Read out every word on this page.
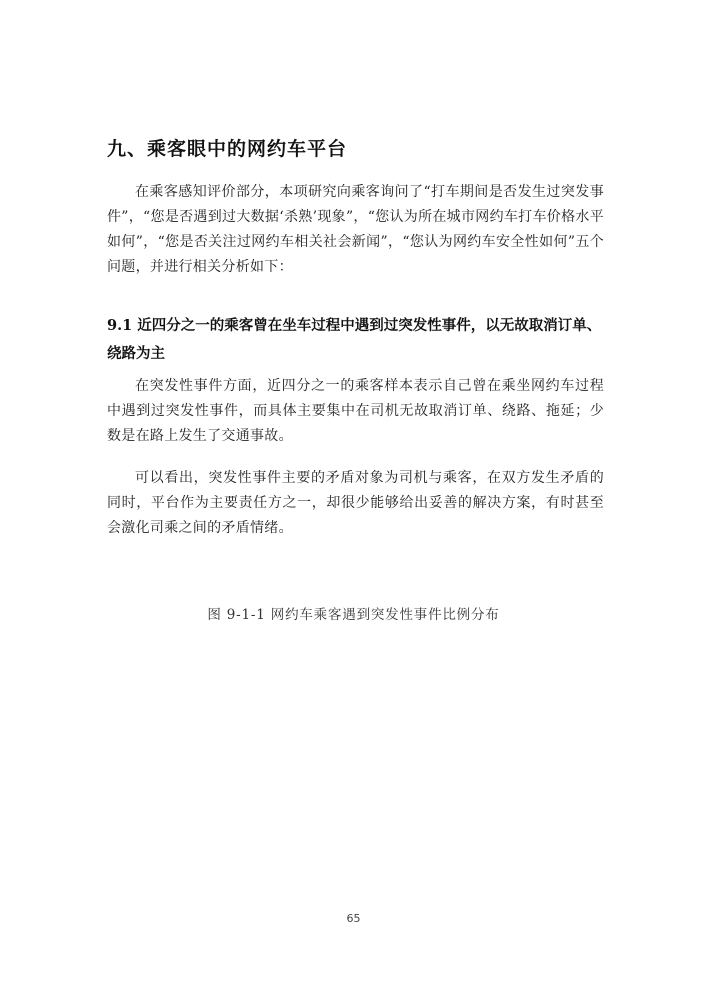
九、乘客眼中的网约车平台

在乘客感知评价部分，本项研究向乘客询问了“打车期间是否发生过突发事件”，“您是否遇到过大数据‘杀熟’现象”，“您认为所在城市网约车打车价格水平如何”，“您是否关注过网约车相关社会新闻”，“您认为网约车安全性如何”五个问题，并进行相关分析如下：

9.1 近四分之一的乘客曾在坐车过程中遇到过突发性事件，以无故取消订单、绕路为主

在突发性事件方面，近四分之一的乘客样本表示自己曾在乘坐网约车过程中遇到过突发性事件，而具体主要集中在司机无故取消订单、绕路、拖延；少数是在路上发生了交通事故。

可以看出，突发性事件主要的矛盾对象为司机与乘客，在双方发生矛盾的同时，平台作为主要责任方之一，却很少能够给出妥善的解决方案，有时甚至会激化司乘之间的矛盾情绪。

图 9-1-1 网约车乘客遇到突发性事件比例分布

65
